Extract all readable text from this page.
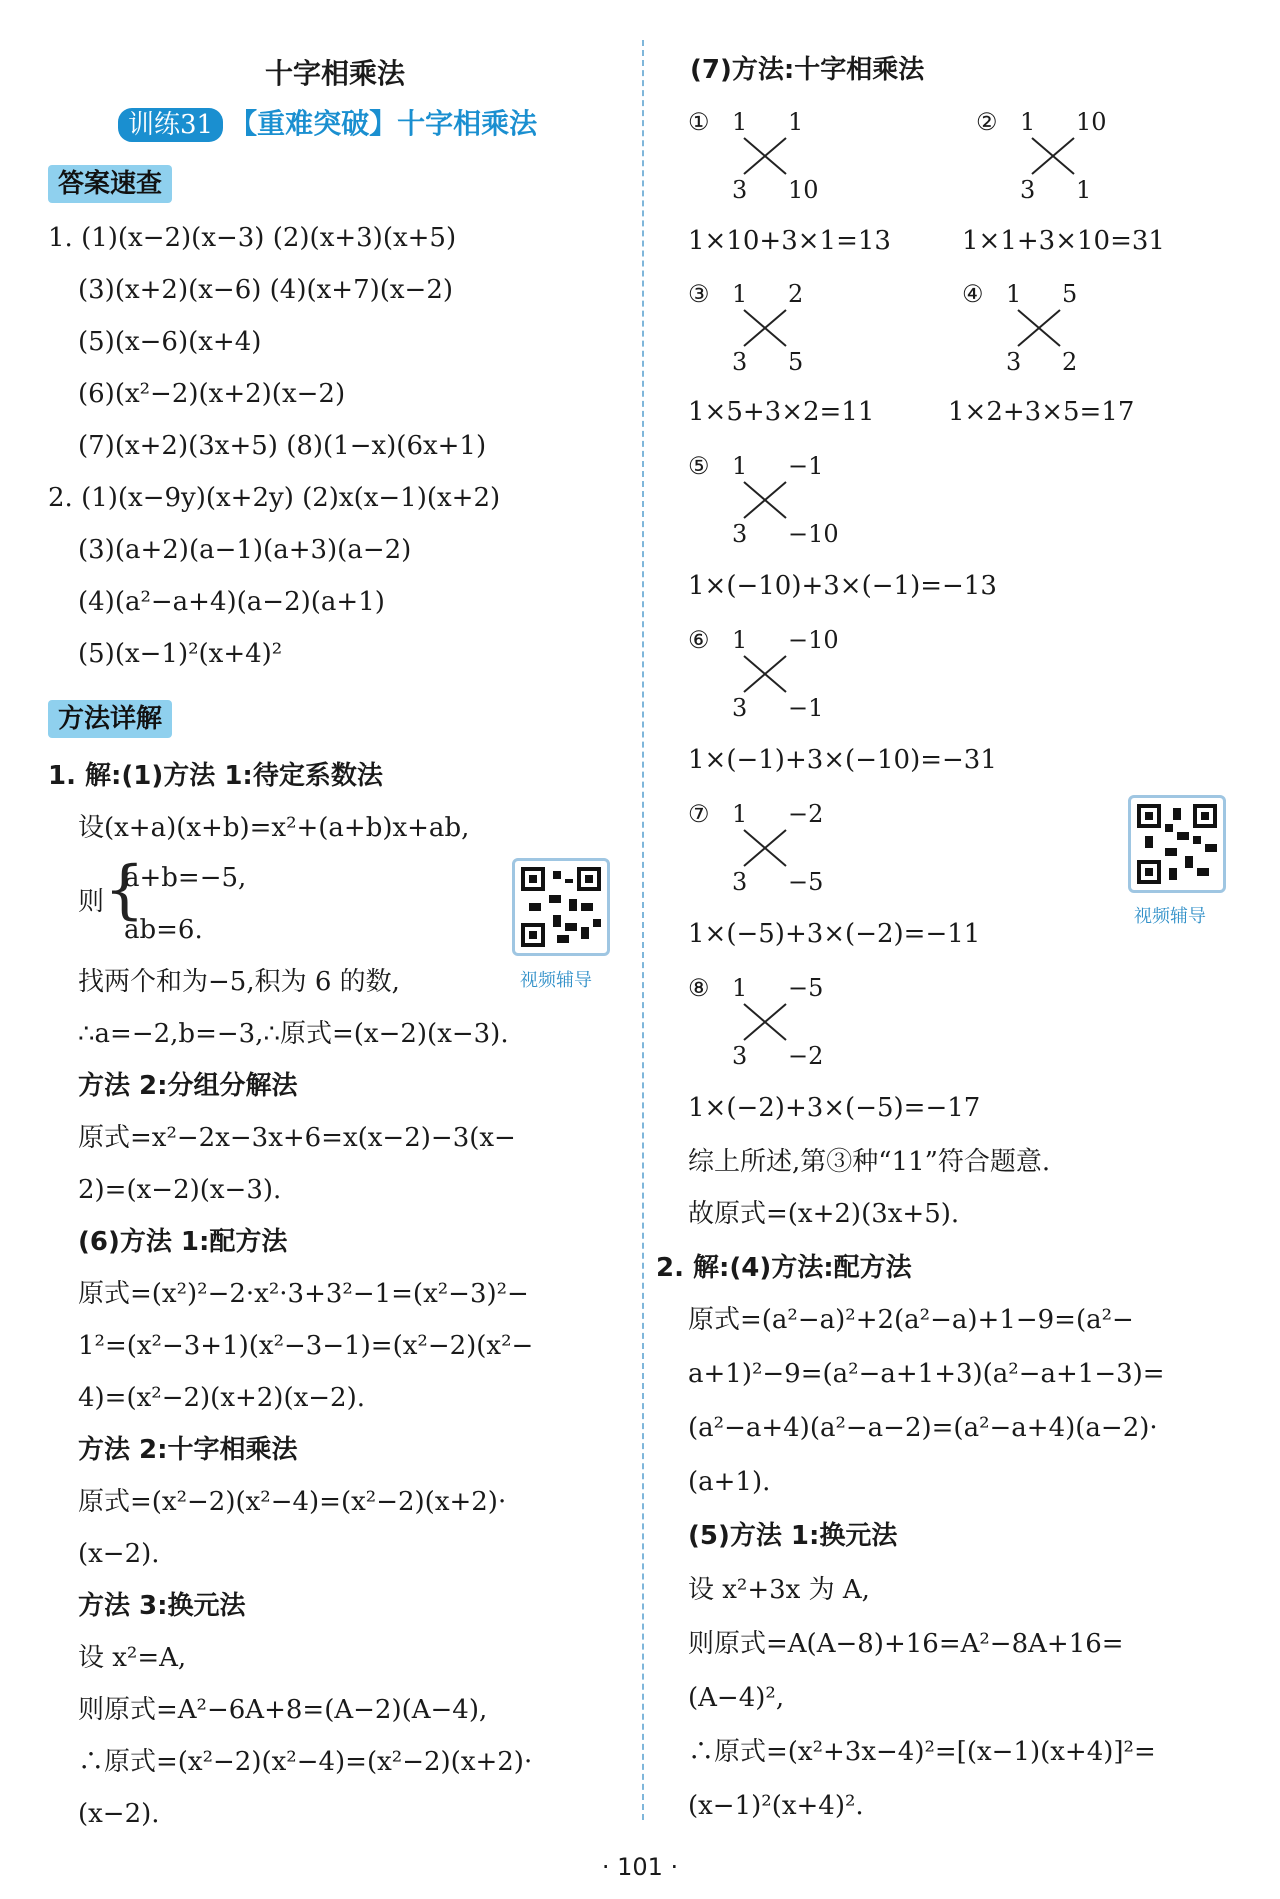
十字相乘法
训练31 【重难突破】十字相乘法
答案速查
1. (1)(x−2)(x−3) (2)(x+3)(x+5)
(3)(x+2)(x−6) (4)(x+7)(x−2)
(5)(x−6)(x+4)
(6)(x²−2)(x+2)(x−2)
(7)(x+2)(3x+5) (8)(1−x)(6x+1)
2. (1)(x−9y)(x+2y) (2)x(x−1)(x+2)
(3)(a+2)(a−1)(a+3)(a−2)
(4)(a²−a+4)(a−2)(a+1)
(5)(x−1)²(x+4)²
方法详解
1. 解:(1)方法 1:待定系数法
设(x+a)(x+b)=x²+(a+b)x+ab,
则 {
a+b=−5,
ab=6.
视频辅导
找两个和为−5,积为 6 的数,
∴a=−2,b=−3,∴原式=(x−2)(x−3).
方法 2:分组分解法
原式=x²−2x−3x+6=x(x−2)−3(x−
2)=(x−2)(x−3).
(6)方法 1:配方法
原式=(x²)²−2·x²·3+3²−1=(x²−3)²−
1²=(x²−3+1)(x²−3−1)=(x²−2)(x²−
4)=(x²−2)(x+2)(x−2).
方法 2:十字相乘法
原式=(x²−2)(x²−4)=(x²−2)(x+2)·
(x−2).
方法 3:换元法
设 x²=A,
则原式=A²−6A+8=(A−2)(A−4),
∴原式=(x²−2)(x²−4)=(x²−2)(x+2)·
(x−2).
(7)方法:十字相乘法
① 1 1
3 10
② 1 10
3 1
③ 1 2
3 5
④ 1 5
3 2
⑤ 1 −1
3 −10
⑥ 1 −10
3 −1
⑦ 1 −2
3 −5
⑧ 1 −5
3 −2
1×10+3×1=13	1×1+3×10=31
1×5+3×2=11	1×2+3×5=17
1×(−10)+3×(−1)=−13
1×(−1)+3×(−10)=−31
1×(−5)+3×(−2)=−11
1×(−2)+3×(−5)=−17
视频辅导
综上所述,第③种“11”符合题意.
故原式=(x+2)(3x+5).
2. 解:(4)方法:配方法
原式=(a²−a)²+2(a²−a)+1−9=(a²−
a+1)²−9=(a²−a+1+3)(a²−a+1−3)=
(a²−a+4)(a²−a−2)=(a²−a+4)(a−2)·
(a+1).
(5)方法 1:换元法
设 x²+3x 为 A,
则原式=A(A−8)+16=A²−8A+16=
(A−4)²,
∴原式=(x²+3x−4)²=[(x−1)(x+4)]²=
(x−1)²(x+4)².
· 101 ·
